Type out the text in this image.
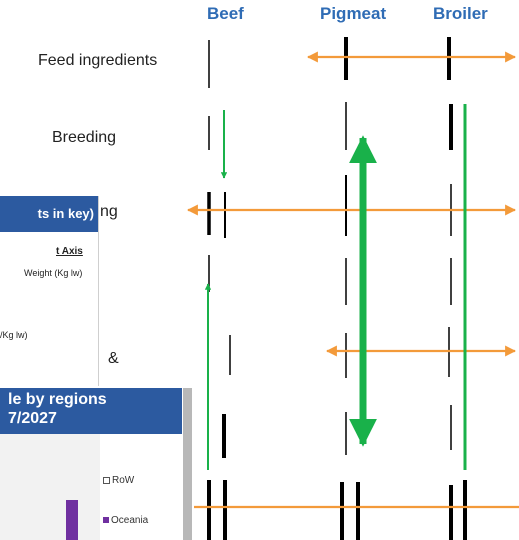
Beef	Pigmeat	Broiler
Feed ingredients
Breeding
ng
&
ts in key)
t Axis
Weight (Kg lw)
/Kg lw)
le by regions
7/2027
RoW
Oceania
